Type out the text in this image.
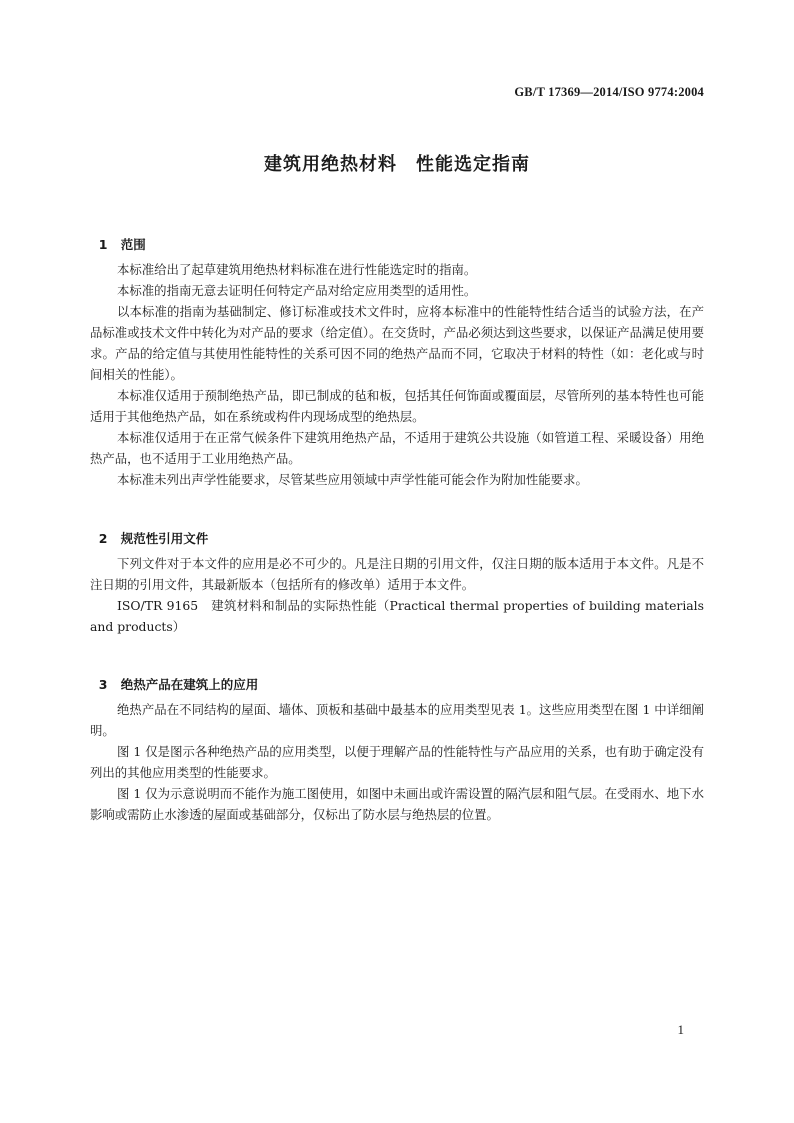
GB/T 17369—2014/ISO 9774:2004
建筑用绝热材料　性能选定指南

1 范围

本标准给出了起草建筑用绝热材料标准在进行性能选定时的指南。

本标准的指南无意去证明任何特定产品对给定应用类型的适用性。

以本标准的指南为基础制定、修订标准或技术文件时，应将本标准中的性能特性结合适当的试验方法，在产品标准或技术文件中转化为对产品的要求（给定值）。在交货时，产品必须达到这些要求，以保证产品满足使用要求。产品的给定值与其使用性能特性的关系可因不同的绝热产品而不同，它取决于材料的特性（如：老化或与时间相关的性能）。

本标准仅适用于预制绝热产品，即已制成的毡和板，包括其任何饰面或覆面层，尽管所列的基本特性也可能适用于其他绝热产品，如在系统或构件内现场成型的绝热层。

本标准仅适用于在正常气候条件下建筑用绝热产品，不适用于建筑公共设施（如管道工程、采暖设备）用绝热产品，也不适用于工业用绝热产品。

本标准未列出声学性能要求，尽管某些应用领域中声学性能可能会作为附加性能要求。

2 规范性引用文件

下列文件对于本文件的应用是必不可少的。凡是注日期的引用文件，仅注日期的版本适用于本文件。凡是不注日期的引用文件，其最新版本（包括所有的修改单）适用于本文件。

ISO/TR 9165　建筑材料和制品的实际热性能（Practical thermal properties of building materials and products）

3 绝热产品在建筑上的应用

绝热产品在不同结构的屋面、墙体、顶板和基础中最基本的应用类型见表 1。这些应用类型在图 1 中详细阐明。

图 1 仅是图示各种绝热产品的应用类型，以便于理解产品的性能特性与产品应用的关系，也有助于确定没有列出的其他应用类型的性能要求。

图 1 仅为示意说明而不能作为施工图使用，如图中未画出或许需设置的隔汽层和阻气层。在受雨水、地下水影响或需防止水渗透的屋面或基础部分，仅标出了防水层与绝热层的位置。

1
